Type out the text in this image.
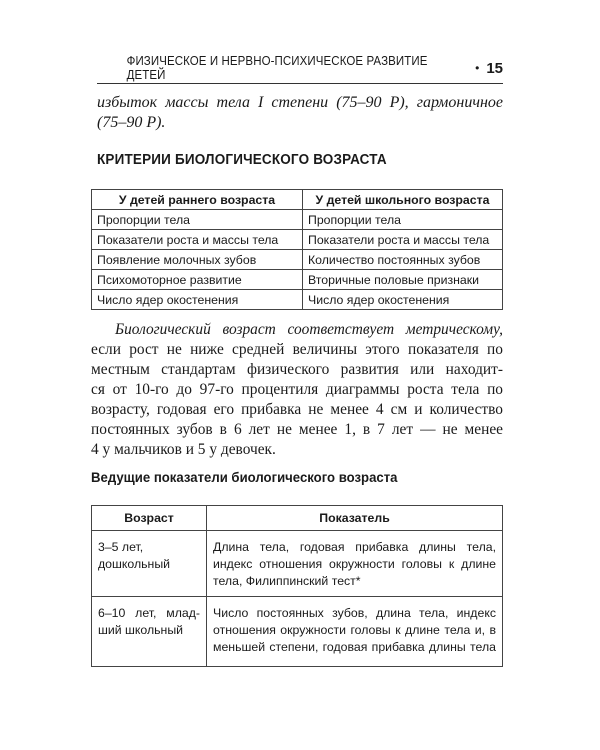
ФИЗИЧЕСКОЕ И НЕРВНО-ПСИХИЧЕСКОЕ РАЗВИТИЕ ДЕТЕЙ	• 15
избыток массы тела I степени (75–90 P), гармоничное
(75–90 P).
КРИТЕРИИ БИОЛОГИЧЕСКОГО ВОЗРАСТА
У детей раннего возраста	У детей школьного возраста
Пропорции тела	Пропорции тела
Показатели роста и массы тела	Показатели роста и массы тела
Появление молочных зубов	Количество постоянных зубов
Психомоторное развитие	Вторичные половые признаки
Число ядер окостенения	Число ядер окостенения
Биологический возраст соответствует метрическому,
если рост не ниже средней величины этого показателя по
местным стандартам физического развития или находит-
ся от 10-го до 97-го процентиля диаграммы роста тела по
возрасту, годовая его прибавка не менее 4 см и количество
постоянных зубов в 6 лет не менее 1, в 7 лет — не менее
4 у мальчиков и 5 у девочек.
Ведущие показатели биологического возраста
Возраст	Показатель

3–5 лет,
дошкольный	Длина тела, годовая прибавка длины тела,
индекс отношения окружности головы к длине
тела, Филиппинский тест*

6–10 лет, млад-
ший школьный	Число постоянных зубов, длина тела, индекс
отношения окружности головы к длине тела и, в
меньшей степени, годовая прибавка длины тела
